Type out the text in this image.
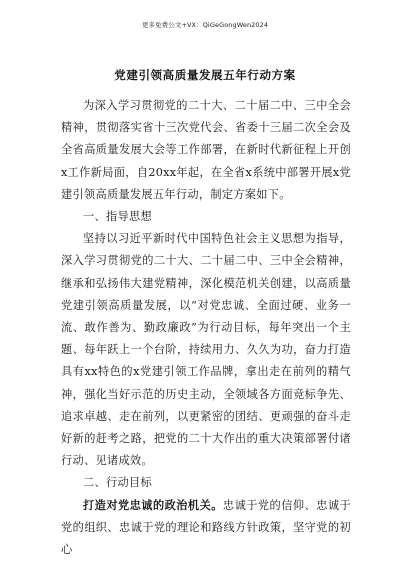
更多免费公文+VX：QiGeGongWen2024
党建引领高质量发展五年行动方案

为深入学习贯彻党的二十大、二十届二中、三中全会精神，贯彻落实省十三次党代会、省委十三届二次全会及全省高质量发展大会等工作部署，在新时代新征程上开创x工作新局面，自20xx年起，在全省x系统中部署开展x党建引领高质量发展五年行动，制定方案如下。

一、指导思想

坚持以习近平新时代中国特色社会主义思想为指导，深入学习贯彻党的二十大、二十届二中、三中全会精神，继承和弘扬伟大建党精神，深化模范机关创建，以高质量党建引领高质量发展，以“对党忠诚、全面过硬、业务一流、敢作善为、勤政廉政”为行动目标，每年突出一个主题、每年跃上一个台阶，持续用力、久久为功，奋力打造具有xx特色的x党建引领工作品牌，拿出走在前列的精气神，强化当好示范的历史主动，全领域各方面竞标争先、追求卓越、走在前列，以更紧密的团结、更顽强的奋斗走好新的赶考之路，把党的二十大作出的重大决策部署付诸行动、见诸成效。

二、行动目标

打造对党忠诚的政治机关。忠诚于党的信仰、忠诚于党的组织、忠诚于党的理论和路线方针政策，坚守党的初心
